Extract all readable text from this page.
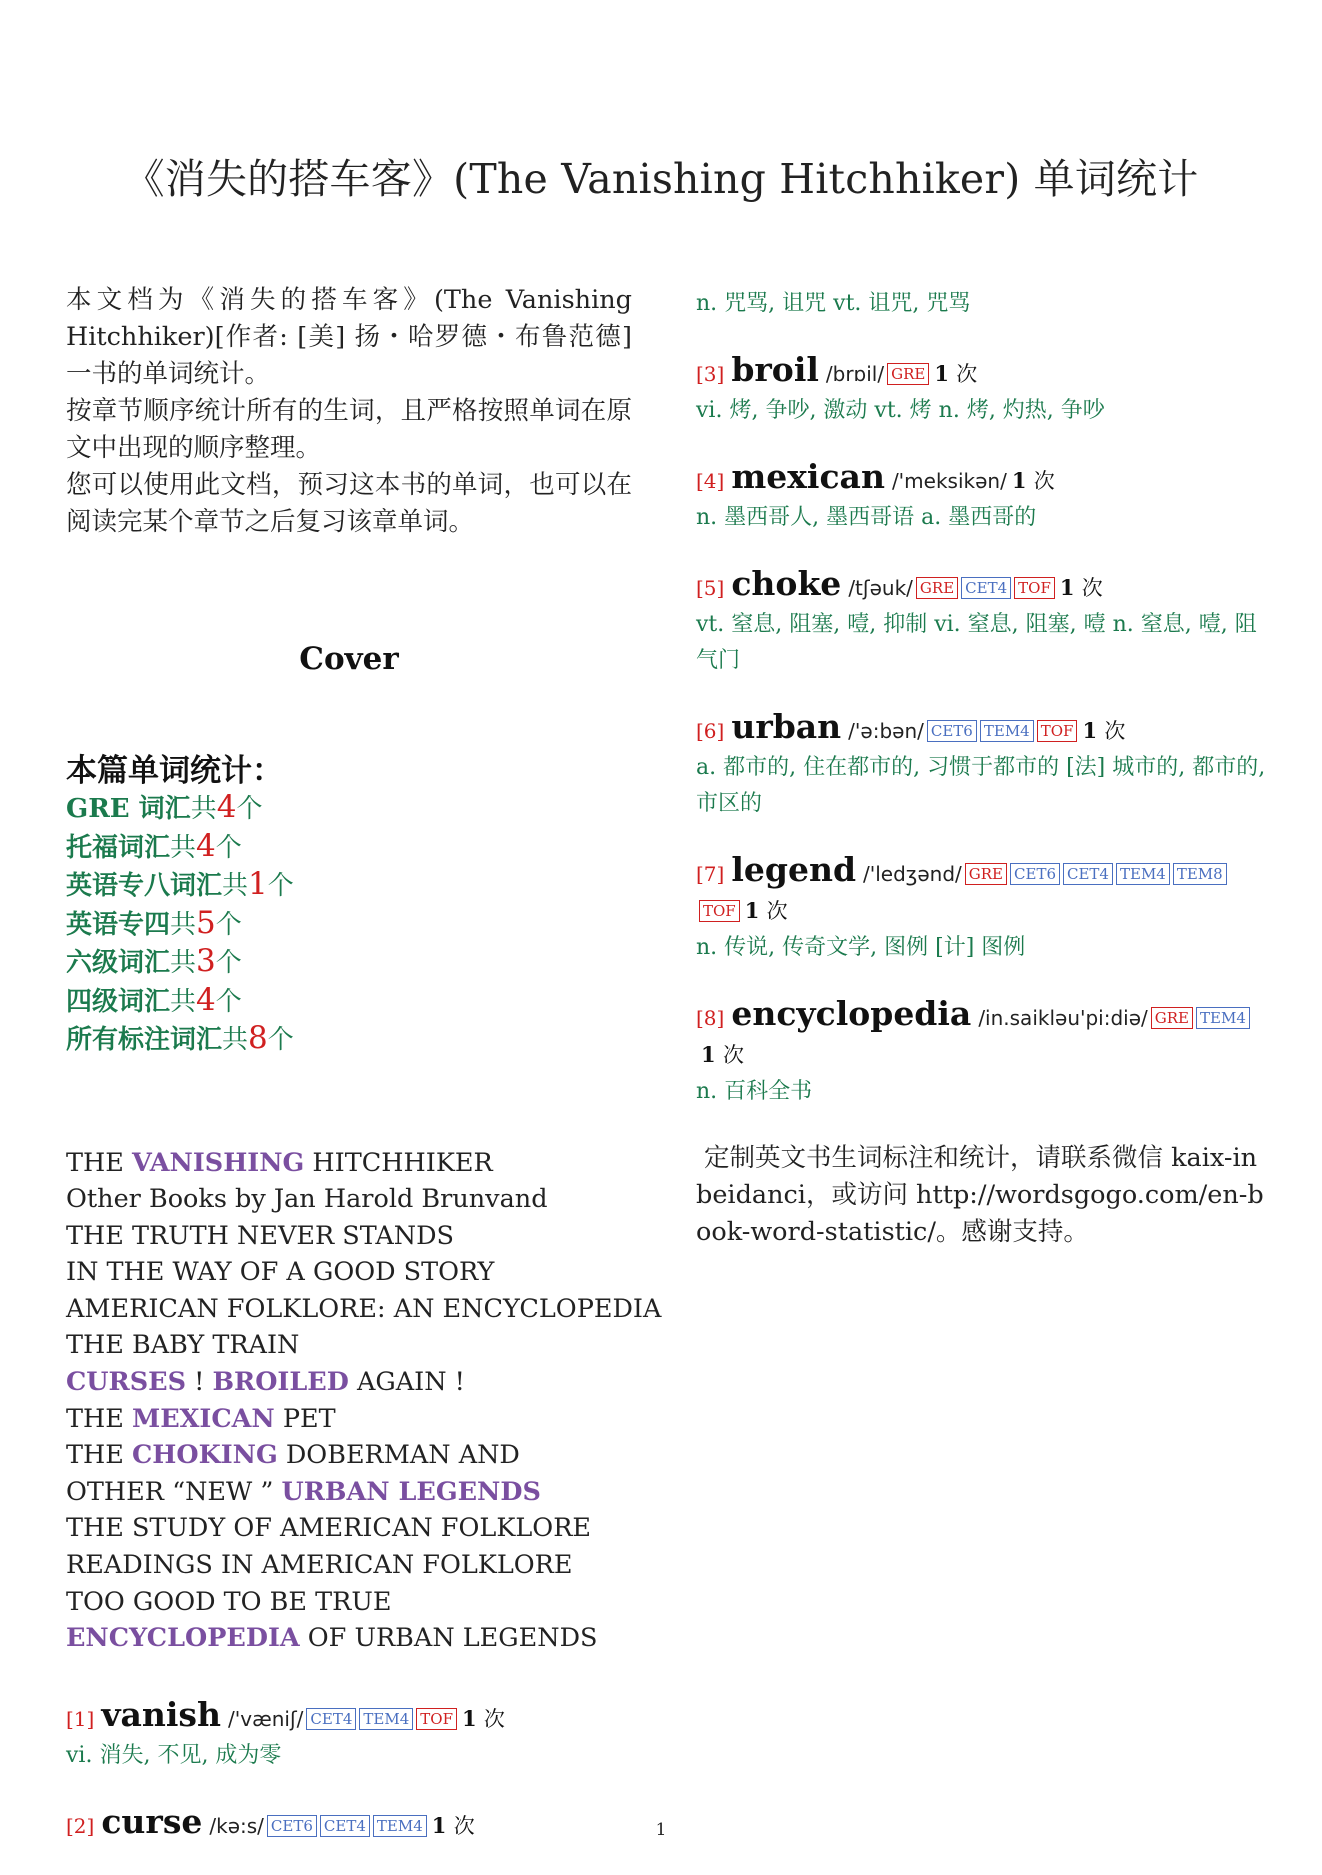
《消失的搭车客》(The Vanishing Hitchhiker) 单词统计

本文档为《消失的搭车客》(The Vanishing Hitchhiker)[作者: [美] 扬・哈罗德・布鲁范德]一书的单词统计。

按章节顺序统计所有的生词，且严格按照单词在原文中出现的顺序整理。

您可以使用此文档，预习这本书的单词，也可以在阅读完某个章节之后复习该章单词。

Cover
本篇单词统计：
GRE 词汇共4个
托福词汇共4个
英语专八词汇共1个
英语专四共5个
六级词汇共3个
四级词汇共4个
所有标注词汇共8个
THE VANISHING HITCHHIKER
Other Books by Jan Harold Brunvand
THE TRUTH NEVER STANDS
IN THE WAY OF A GOOD STORY
AMERICAN FOLKLORE: AN ENCYCLOPEDIA
THE BABY TRAIN
CURSES ! BROILED AGAIN !
THE MEXICAN PET
THE CHOKING DOBERMAN AND
OTHER “NEW ” URBAN LEGENDS
THE STUDY OF AMERICAN FOLKLORE
READINGS IN AMERICAN FOLKLORE
TOO GOOD TO BE TRUE
ENCYCLOPEDIA OF URBAN LEGENDS
[1] vanish /'væniʃ/ CET4 TEM4 TOF 1 次
vi. 消失, 不见, 成为零
[2] curse /kə:s/ CET6 CET4 TEM4 1 次
n. 咒骂, 诅咒 vt. 诅咒, 咒骂
[3] broil /brɒil/ GRE 1 次
vi. 烤, 争吵, 激动 vt. 烤 n. 烤, 灼热, 争吵
[4] mexican /'meksikən/ 1 次
n. 墨西哥人, 墨西哥语 a. 墨西哥的
[5] choke /tʃəuk/ GRE CET4 TOF 1 次
vt. 窒息, 阻塞, 噎, 抑制 vi. 窒息, 阻塞, 噎 n. 窒息, 噎, 阻气门
[6] urban /'ə:bən/ CET6 TEM4 TOF 1 次
a. 都市的, 住在都市的, 习惯于都市的 [法] 城市的, 都市的, 市区的
[7] legend /'ledʒənd/ GRE CET6 CET4 TEM4 TEM8TOF 1 次
n. 传说, 传奇文学, 图例 [计] 图例
[8] encyclopedia /in.saikləu'pi:diə/ GRE TEM41 次
n. 百科全书
定制英文书生词标注和统计，请联系微信 kaix-inbeidanci，或访问 http://wordsgogo.com/en-book-word-statistic/。感谢支持。
1
